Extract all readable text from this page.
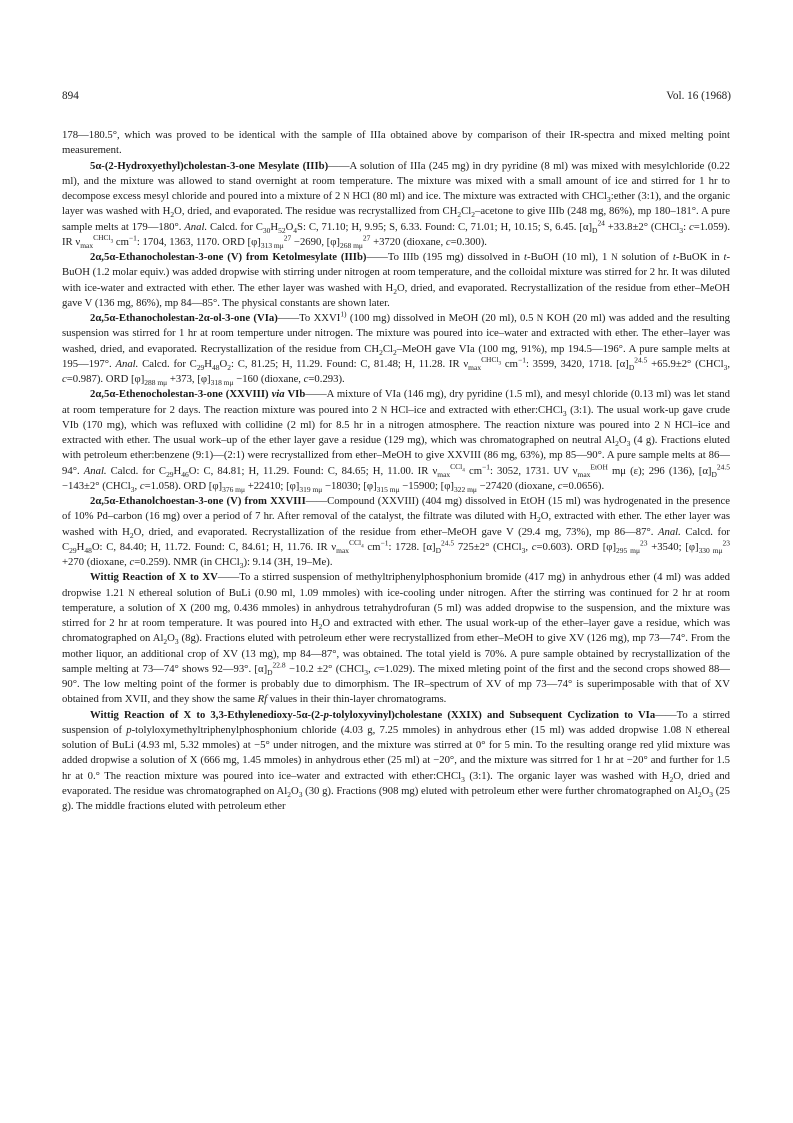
894	Vol. 16 (1968)

178—180.5°, which was proved to be identical with the sample of IIIa obtained above by comparison of their IR-spectra and mixed melting point measurement.

5α-(2-Hydroxyethyl)cholestan-3-one Mesylate (IIIb)——A solution of IIIa (245 mg) in dry pyridine (8 ml) was mixed with mesylchloride (0.22 ml), and the mixture was allowed to stand overnight at room temperature. The mixture was mixed with a small amount of ice and stirred for 1 hr to decompose excess mesyl chloride and poured into a mixture of 2 N HCl (80 ml) and ice. The mixture was extracted with CHCl$_3$:ether (3:1), and the organic layer was washed with $H_2O$, dried, and evaporated. The residue was recrystallized from $CH_2Cl_2$–acetone to give IIIb (248 mg, 86%), mp 180–181°. A pure sample melts at 179—180°. Anal. Calcd. for $C_{30}H_{52}O_4S$: C, 71.10; H, 9.95; S, 6.33. Found: C, 71.01; H, 10.15; S, 6.45. $[\alpha]_D^{24} +33.8\pm 2^\circ$ (CHCl$_3$: c=1.059). IR $\nu_{max}^{CHCl_3}$ $cm^{-1}$: 1704, 1363, 1170. ORD $[\varphi]_{313 m\mu}^{27} -2690$, $[\varphi]_{268 m\mu}^{27} +3720$ (dioxane, c=0.300).

2α,5α-Ethanocholestan-3-one (V) from Ketolmesylate (IIIb)——To IIIb (195 mg) dissolved in t-BuOH (10 ml), 1 N solution of t-BuOK in t-BuOH (1.2 molar equiv.) was added dropwise with stirring under nitrogen at room temperature, and the colloidal mixture was stirred for 2 hr. It was diluted with ice-water and extracted with ether. The ether layer was washed with $H_2O$, dried, and evaporated. Recrystallization of the residue from ether–MeOH gave V (136 mg, 86%), mp 84—85°. The physical constants are shown later.

2α,5α-Ethanocholestan-2α-ol-3-one (VIa)——To XXVI$^{1)}$ (100 mg) dissolved in MeOH (20 ml), 0.5 N KOH (20 ml) was added and the resulting suspension was stirred for 1 hr at room temperture under nitrogen. The mixture was poured into ice–water and extracted with ether. The ether–layer was washed, dried, and evaporated. Recrystallization of the residue from $CH_2Cl_2$–MeOH gave VIa (100 mg, 91%), mp 194.5—196°. A pure sample melts at 195—197°. Anal. Calcd. for $C_{29}H_{48}O_2$: C, 81.25; H, 11.29. Found: C, 81.48; H, 11.28. IR $\nu_{max}^{CHCl_3}$ $cm^{-1}$: 3599, 3420, 1718. $[\alpha]_D^{24.5} +65.9\pm 2^\circ$ (CHCl$_3$, c=0.987). ORD $[\varphi]_{288 m\mu} +373$, $[\varphi]_{318 m\mu} -160$ (dioxane, c=0.293).

2α,5α-Ethenocholestan-3-one (XXVIII) via VIb——A mixture of VIa (146 mg), dry pyridine (1.5 ml), and mesyl chloride (0.13 ml) was let stand at room temperature for 2 days. The reaction mixture was poured into 2 N HCl–ice and extracted with ether:CHCl$_3$ (3:1). The usual work-up gave crude VIb (170 mg), which was refluxed with collidine (2 ml) for 8.5 hr in a nitrogen atmosphere. The reaction nixture was poured into 2 N HCl–ice and extracted with ether. The usual work–up of the ether layer gave a residue (129 mg), which was chromatographed on neutral $Al_2O_3$ (4 g). Fractions eluted with petroleum ether:benzene (9:1)—(2:1) were recrystallized from ether–MeOH to give XXVIII (86 mg, 63%), mp 85—90°. A pure sample melts at 86—94°. Anal. Calcd. for $C_{29}H_{46}O$: C, 84.81; H, 11.29. Found: C, 84.65; H, 11.00. IR $\nu_{max}^{CCl_4}$ $cm^{-1}$: 3052, 1731. UV $\nu_{max}^{EtOH}$ mμ (ε); 296 (136), $[\alpha]_D^{24.5} -143\pm 2^\circ$ (CHCl$_3$, c=1.058). ORD $[\varphi]_{376 m\mu} +22410$; $[\varphi]_{319 m\mu} -18030$; $[\varphi]_{315 m\mu} -15900$; $[\varphi]_{322 m\mu} -27420$ (dioxane, c=0.0656).

2α,5α-Ethanolchoestan-3-one (V) from XXVIII——Compound (XXVIII) (404 mg) dissolved in EtOH (15 ml) was hydrogenated in the presence of 10% Pd–carbon (16 mg) over a period of 7 hr. After removal of the catalyst, the filtrate was diluted with $H_2O$, extracted with ether. The ether layer was washed with $H_2O$, dried, and evaporated. Recrystallization of the residue from ether–MeOH gave V (29.4 mg, 73%), mp 86—87°. Anal. Calcd. for $C_{29}H_{48}O$: C, 84.40; H, 11.72. Found: C, 84.61; H, 11.76. IR $\nu_{max}^{CCl_4}$ $cm^{-1}$: 1728. $[\alpha]_D^{24.5}$ 725±2° (CHCl$_3$, c=0.603). ORD $[\varphi]_{295 m\mu}^{23} +3540$; $[\varphi]_{330 m\mu}^{23} +270$ (dioxane, c=0.259). NMR (in CHCl$_3$): 9.14 (3H, 19–Me).

Wittig Reaction of X to XV——To a stirred suspension of methyltriphenylphosphonium bromide (417 mg) in anhydrous ether (4 ml) was added dropwise 1.21 N ethereal solution of BuLi (0.90 ml, 1.09 mmoles) with ice-cooling under nitrogen. After the stirring was continued for 2 hr at room temperature, a solution of X (200 mg, 0.436 mmoles) in anhydrous tetrahydrofuran (5 ml) was added dropwise to the suspension, and the mixture was stirred for 2 hr at room temperature. It was poured into $H_2O$ and extracted with ether. The usual work-up of the ether–layer gave a residue, which was chromatographed on $Al_2O_3$ (8g). Fractions eluted with petroleum ether were recrystallized from ether–MeOH to give XV (126 mg), mp 73—74°. From the mother liquor, an additional crop of XV (13 mg), mp 84—87°, was obtained. The total yield is 70%. A pure sample obtained by recrystallization of the sample melting at 73—74° shows 92—93°. $[\alpha]_D^{22.8} -10.2 \pm 2^\circ$ (CHCl$_3$, c=1.029). The mixed mleting point of the first and the second crops showed 88—90°. The low melting point of the former is probably due to dimorphism. The IR–spectrum of XV of mp 73—74° is superimposable with that of XV obtained from XVII, and they show the same Rf values in their thin-layer chromatograms.

Wittig Reaction of X to 3,3-Ethylenedioxy-5α-(2-p-tolyloxyvinyl)cholestane (XXIX) and Subsequent Cyclization to VIa——To a stirred suspension of p-tolyloxymethyltriphenylphosphonium chloride (4.03 g, 7.25 mmoles) in anhydrous ether (15 ml) was added dropwise 1.08 N ethereal solution of BuLi (4.93 ml, 5.32 mmoles) at −5° under nitrogen, and the mixture was stirred at 0° for 5 min. To the resulting orange red ylid mixture was added dropwise a solution of X (666 mg, 1.45 mmoles) in anhydrous ether (25 ml) at −20°, and the mixture was sitrred for 1 hr at −20° and further for 1.5 hr at 0.° The reaction mixture was poured into ice–water and extracted with ether:CHCl$_3$ (3:1). The organic layer was washed with $H_2O$, dried and evaporated. The residue was chromatographed on $Al_2O_3$ (30 g). Fractions (908 mg) eluted with petroleum ether were further chromatographed on $Al_2O_3$ (25 g). The middle fractions eluted with petroleum ether
